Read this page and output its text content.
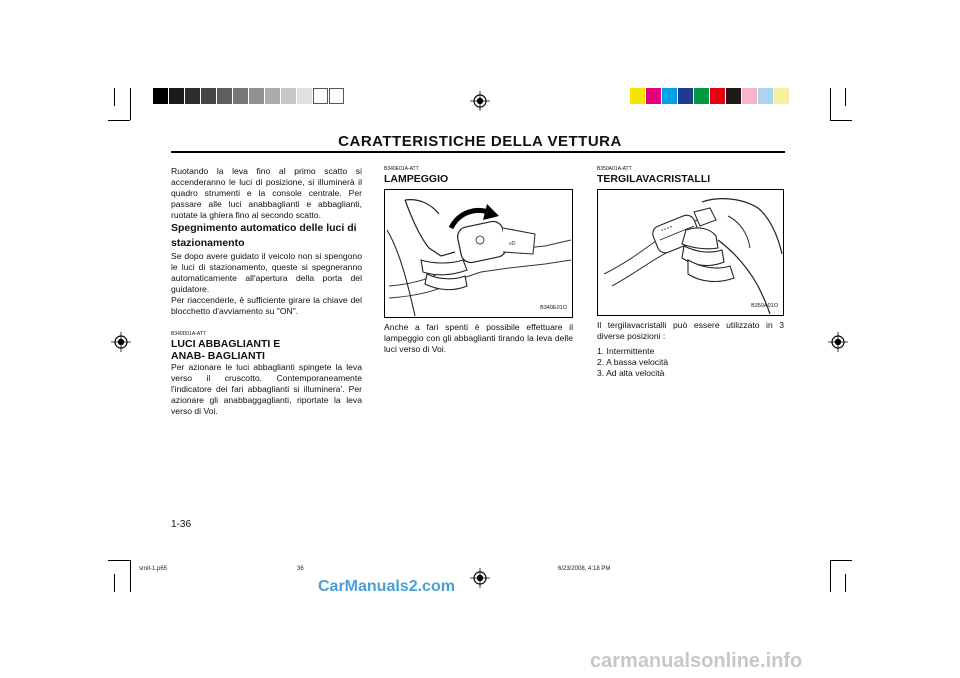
CARATTERISTICHE DELLA VETTURA

Ruotando la leva fino al primo scatto si accenderanno le luci di posizione, si illuminerà il quadro strumenti e la console centrale. Per passare alle luci anabbaglianti e abbaglianti, ruotate la ghiera fino al secondo scatto.

Spegnimento automatico delle luci di stazionamento

Se dopo avere guidato il veicolo non si spengono le luci di stazionamento, queste si spegneranno automaticamente all'apertura della porta del guidatore.

Per riaccenderle, è sufficiente girare la chiave del blocchetto d'avviamento su "ON".

B340D01A-ATT

LUCI ABBAGLIANTI E ANAB- BAGLIANTI

Per azionare le luci abbaglianti spingete la leva verso il cruscotto. Contemporaneamente l'indicatore dei fari abbaglianti si illuminera'. Per azionare gli anabbaggaglianti, riportate la leva verso di Voi.

B340E01A-ATT

LAMPEGGIO

≡D
B340E01O

Anche a fari spenti è possibile effettuare il lampeggio con gli abbaglianti tirando la leva delle luci verso di Voi.

B350A01A-ATT

TERGILAVACRISTALLI

• ▪ ▪ ▪
B350A01O

Il tergilavacristalli può essere utilizzato in 3 diverse posizioni :

1. Intermittente
2. A bassa velocità
3. Ad alta velocità
1-36
smit-1.p65	36	6/23/2008, 4:18 PM
CarManuals2.com
carmanualsonline.info
